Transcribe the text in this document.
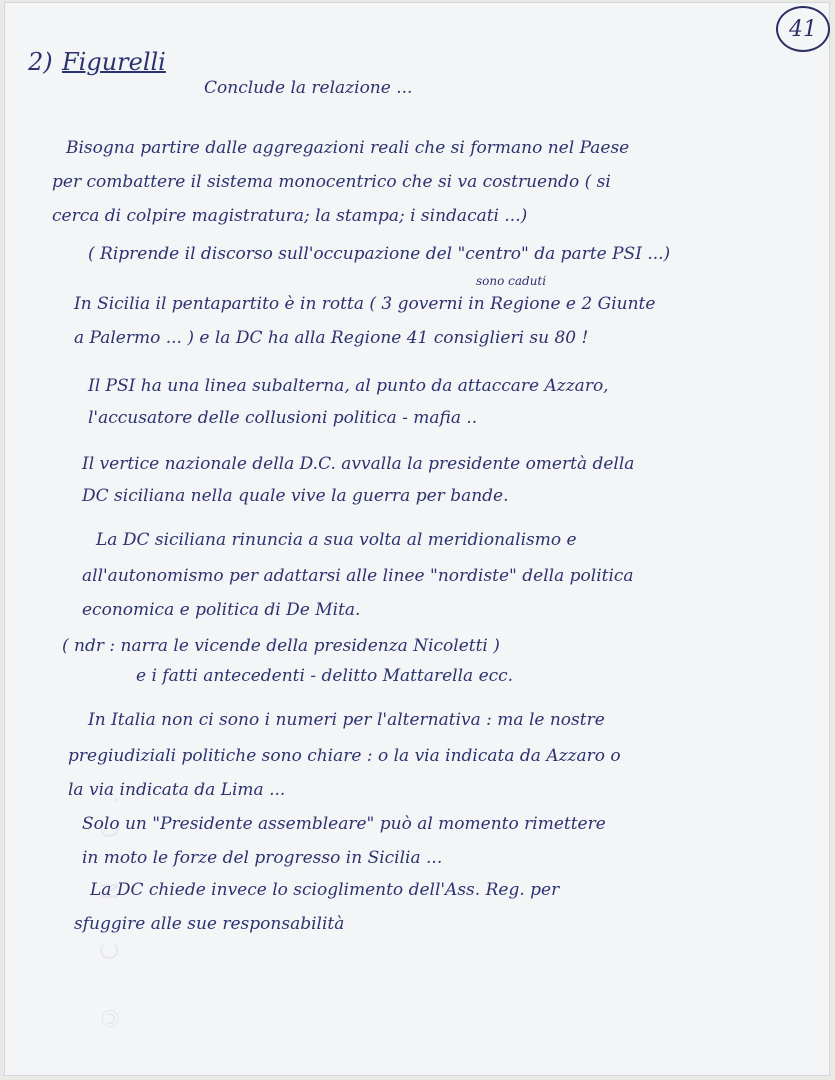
© C.N.C.
41
2) Figurelli
Conclude la relazione ...
Bisogna partire dalle aggregazioni reali che si formano nel Paese
per combattere il sistema monocentrico che si va costruendo ( si
cerca di colpire magistratura; la stampa; i sindacati ...)
( Riprende il discorso sull'occupazione del "centro" da parte PSI ...)
sono caduti
In Sicilia il pentapartito è in rotta ( 3 governi in Regione e 2 Giunte
a Palermo ... ) e la DC ha alla Regione 41 consiglieri su 80 !
Il PSI ha una linea subalterna, al punto da attaccare Azzaro,
l'accusatore delle collusioni politica - mafia ..
Il vertice nazionale della D.C. avvalla la presidente omertà della
DC siciliana nella quale vive la guerra per bande.
La DC siciliana rinuncia a sua volta al meridionalismo e
all'autonomismo per adattarsi alle linee "nordiste" della politica
economica e politica di De Mita.
( ndr : narra le vicende della presidenza Nicoletti )
e i fatti antecedenti - delitto Mattarella ecc.
In Italia non ci sono i numeri per l'alternativa : ma le nostre
pregiudiziali politiche sono chiare : o la via indicata da Azzaro o
la via indicata da Lima ...
Solo un "Presidente assembleare" può al momento rimettere
in moto le forze del progresso in Sicilia ...
La DC chiede invece lo scioglimento dell'Ass. Reg. per
sfuggire alle sue responsabilità
